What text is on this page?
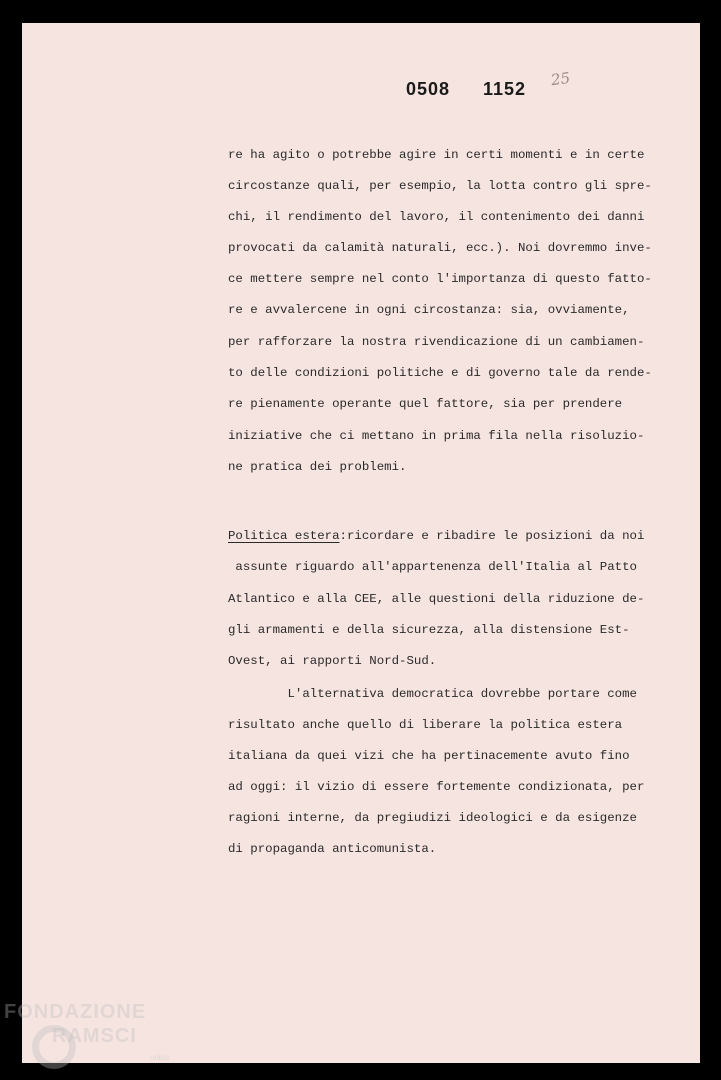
0508 1152 25
re ha agito o potrebbe agire in certi momenti e in certe
circostanze quali, per esempio, la lotta contro gli spre-
chi, il rendimento del lavoro, il contenimento dei danni
provocati da calamità naturali, ecc.). Noi dovremmo inve-
ce mettere sempre nel conto l'importanza di questo fatto-
re e avvalercene in ogni circostanza: sia, ovviamente,
per rafforzare la nostra rivendicazione di un cambiamen-
to delle condizioni politiche e di governo tale da rende-
re pienamente operante quel fattore, sia per prendere
iniziative che ci mettano in prima fila nella risoluzio-
ne pratica dei problemi.
Politica estera:ricordare e ribadire le posizioni da noi
assunte riguardo all'appartenenza dell'Italia al Patto
Atlantico e alla CEE, alle questioni della riduzione de-
gli armamenti e della sicurezza, alla distensione Est-
Ovest, ai rapporti Nord-Sud.
L'alternativa democratica dovrebbe portare come
risultato anche quello di liberare la politica estera
italiana da quei vizi che ha pertinacemente avuto fino
ad oggi: il vizio di essere fortemente condizionata, per
ragioni interne, da pregiudizi ideologici e da esigenze
di propaganda anticomunista.
FONDAZIONE
RAMSCI
onlus
